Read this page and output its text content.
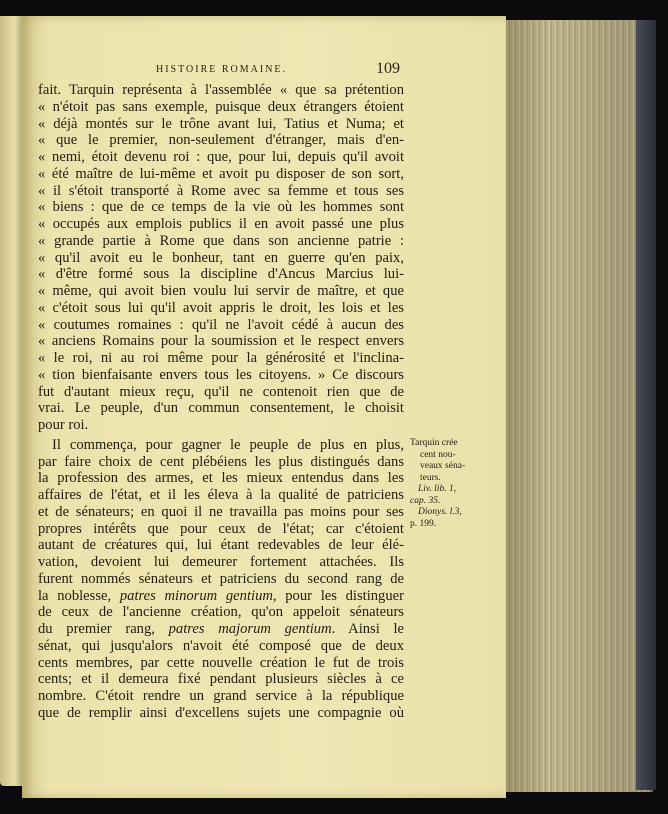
HISTOIRE ROMAINE.	109
fait. Tarquin représenta à l'assemblée « que sa prétention
« n'étoit pas sans exemple, puisque deux étrangers étoient
« déjà montés sur le trône avant lui, Tatius et Numa; et
« que le premier, non-seulement d'étranger, mais d'en-
« nemi, étoit devenu roi : que, pour lui, depuis qu'il avoit
« été maître de lui-même et avoit pu disposer de son sort,
« il s'étoit transporté à Rome avec sa femme et tous ses
« biens : que de ce temps de la vie où les hommes sont
« occupés aux emplois publics il en avoit passé une plus
« grande partie à Rome que dans son ancienne patrie :
« qu'il avoit eu le bonheur, tant en guerre qu'en paix,
« d'être formé sous la discipline d'Ancus Marcius lui-
« même, qui avoit bien voulu lui servir de maître, et que
« c'étoit sous lui qu'il avoit appris le droit, les lois et les
« coutumes romaines : qu'il ne l'avoit cédé à aucun des
« anciens Romains pour la soumission et le respect envers
« le roi, ni au roi même pour la générosité et l'inclina-
« tion bienfaisante envers tous les citoyens. » Ce discours
fut d'autant mieux reçu, qu'il ne contenoit rien que de
vrai. Le peuple, d'un commun consentement, le choisit
pour roi.
Il commença, pour gagner le peuple de plus en plus,
par faire choix de cent plébéiens les plus distingués dans
la profession des armes, et les mieux entendus dans les
affaires de l'état, et il les éleva à la qualité de patriciens
et de sénateurs; en quoi il ne travailla pas moins pour ses
propres intérêts que pour ceux de l'état; car c'étoient
autant de créatures qui, lui étant redevables de leur élé-
vation, devoient lui demeurer fortement attachées. Ils
furent nommés sénateurs et patriciens du second rang de
la noblesse, patres minorum gentium, pour les distinguer
de ceux de l'ancienne création, qu'on appeloit sénateurs
du premier rang, patres majorum gentium. Ainsi le
sénat, qui jusqu'alors n'avoit été composé que de deux
cents membres, par cette nouvelle création le fut de trois
cents; et il demeura fixé pendant plusieurs siècles à ce
nombre. C'étoit rendre un grand service à la république
que de remplir ainsi d'excellens sujets une compagnie où
Tarquin crée
cent nou-
veaux séna-
teurs.
Liv. lib. 1,
cap. 35.
Dionys. l.3,
p. 199.
